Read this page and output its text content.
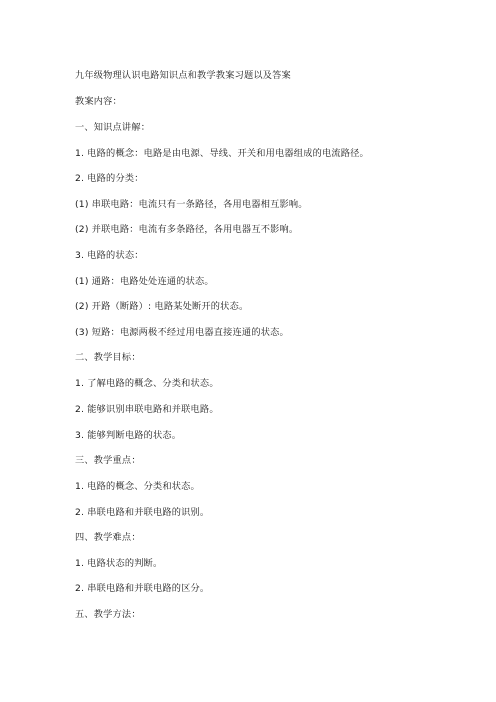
九年级物理认识电路知识点和教学教案习题以及答案
教案内容：
一、知识点讲解：
1. 电路的概念：电路是由电源、导线、开关和用电器组成的电流路径。
2. 电路的分类：
(1) 串联电路：电流只有一条路径，各用电器相互影响。
(2) 并联电路：电流有多条路径，各用电器互不影响。
3. 电路的状态：
(1) 通路：电路处处连通的状态。
(2) 开路（断路）: 电路某处断开的状态。
(3) 短路：电源两极不经过用电器直接连通的状态。
二、教学目标：
1. 了解电路的概念、分类和状态。
2. 能够识别串联电路和并联电路。
3. 能够判断电路的状态。
三、教学重点：
1. 电路的概念、分类和状态。
2. 串联电路和并联电路的识别。
四、教学难点：
1. 电路状态的判断。
2. 串联电路和并联电路的区分。
五、教学方法：
